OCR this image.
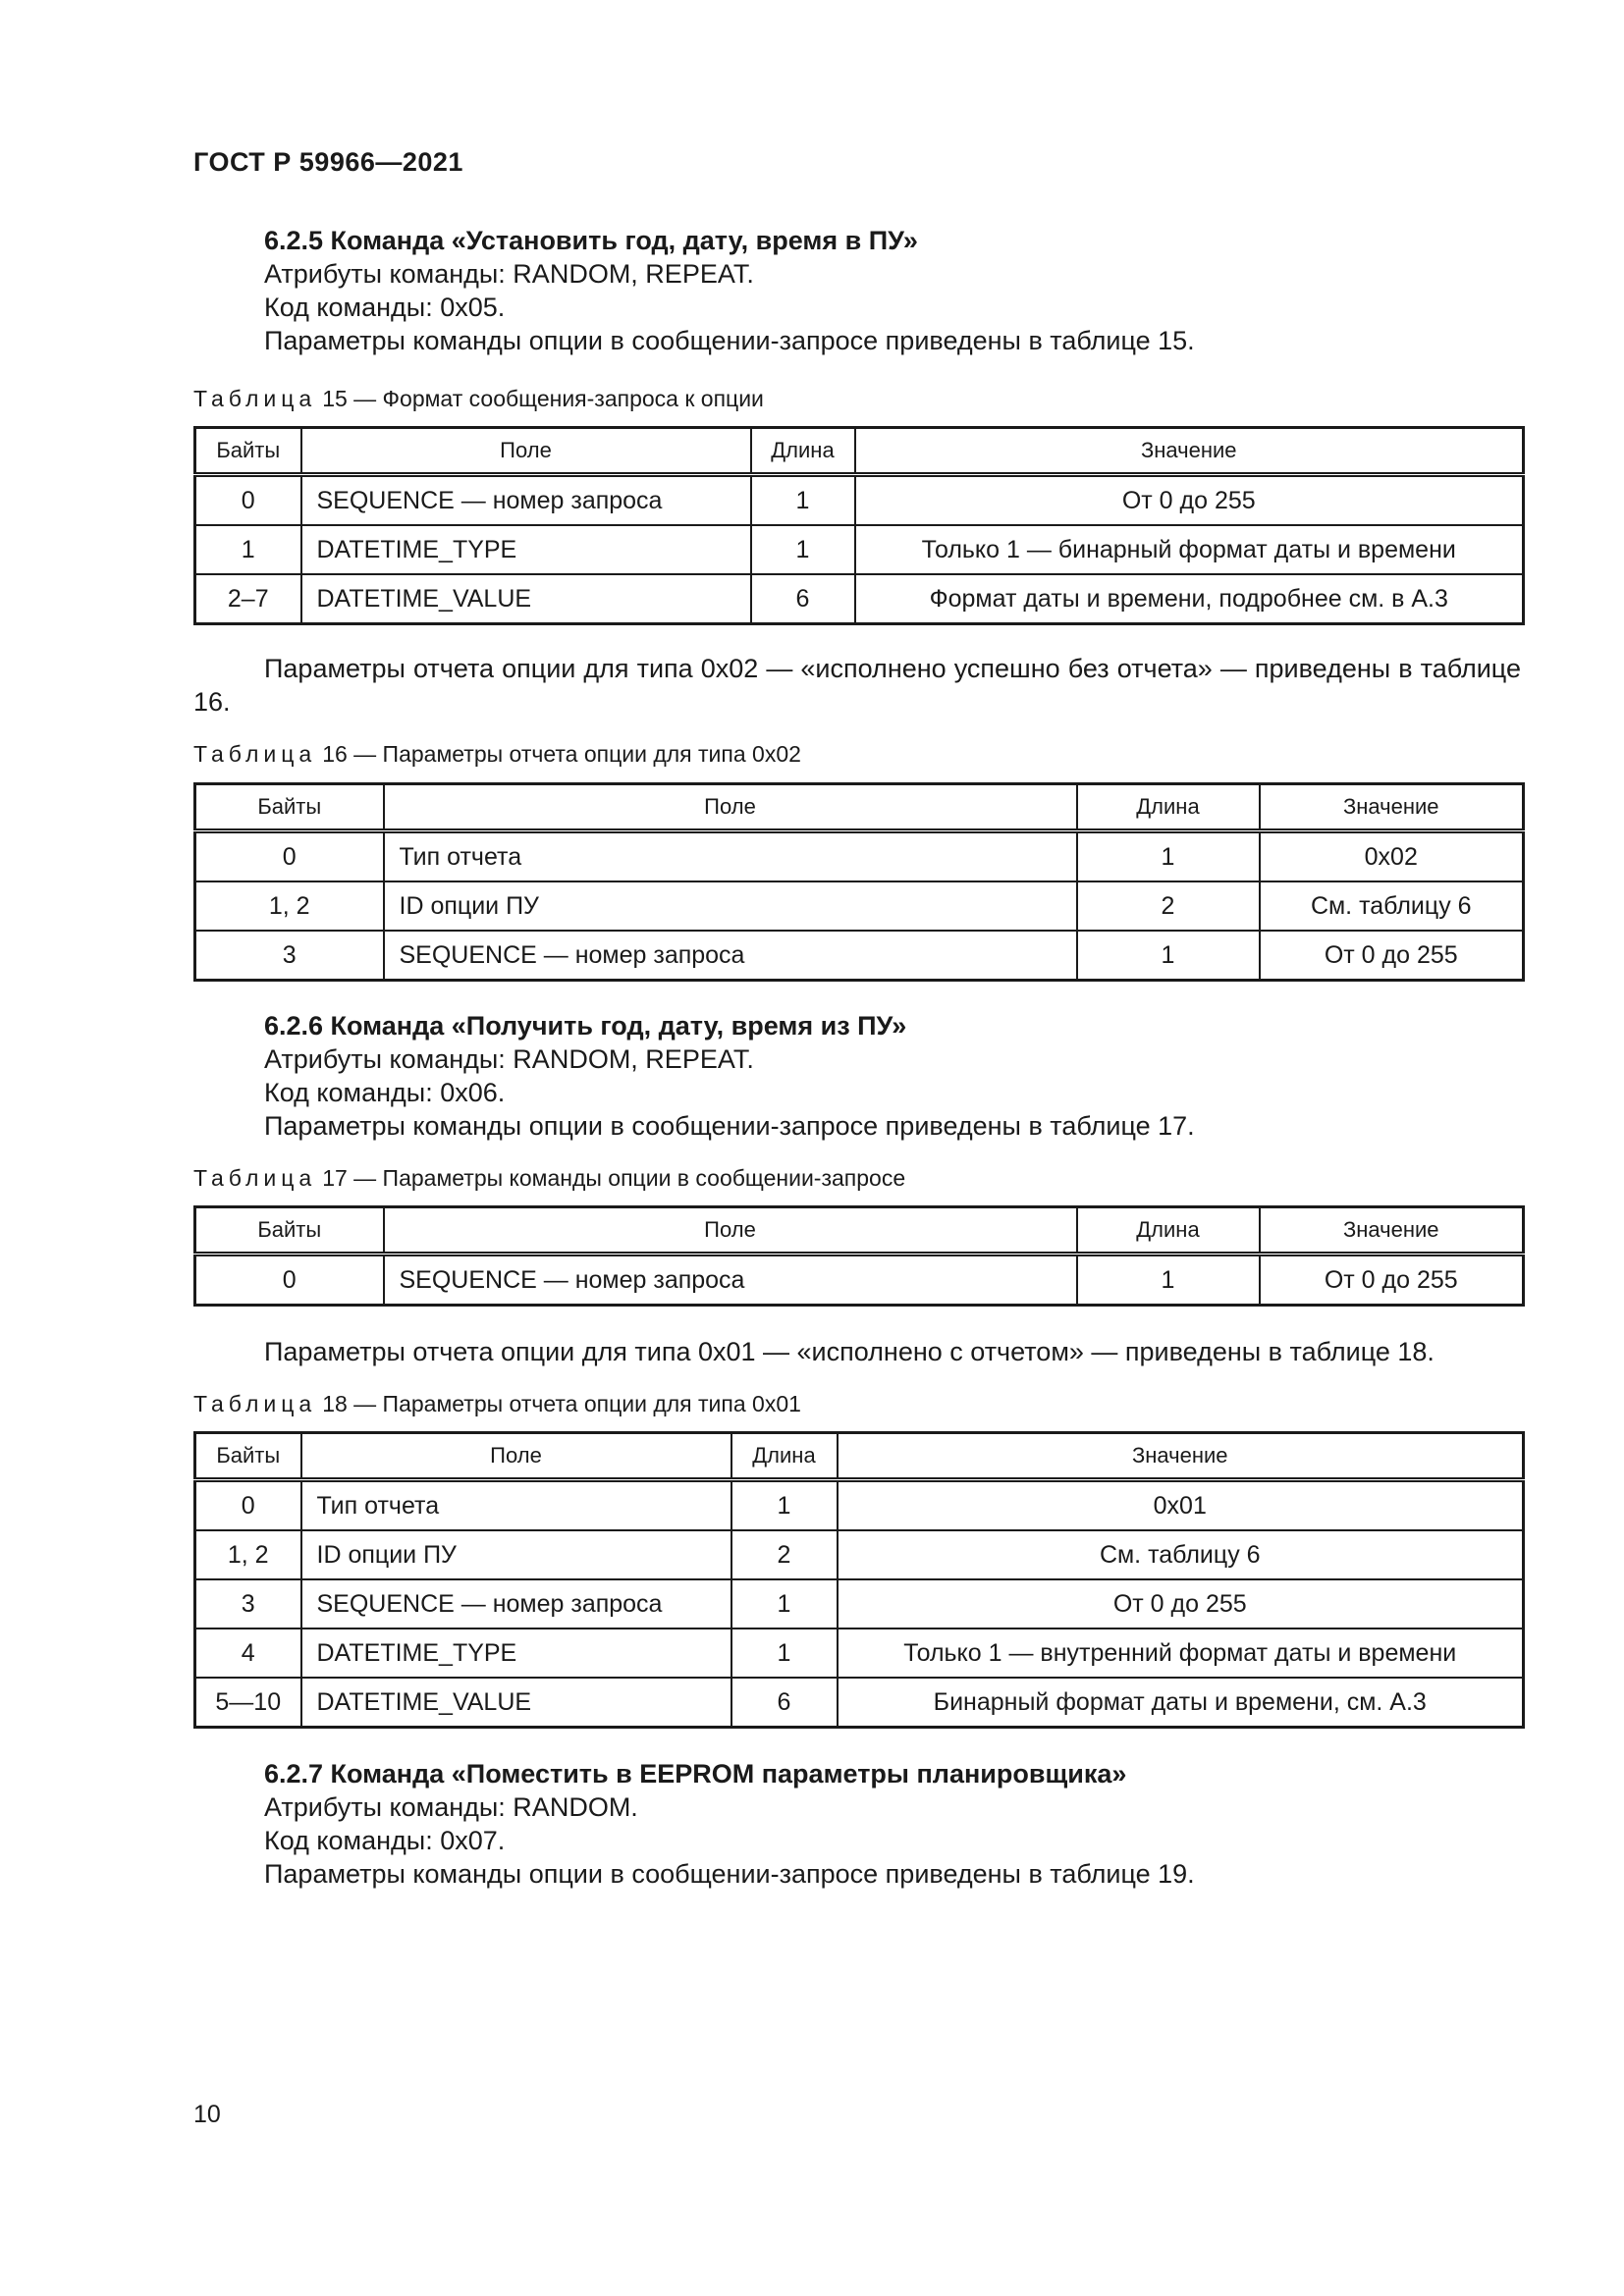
ГОСТ Р 59966—2021

6.2.5 Команда «Установить год, дату, время в ПУ»

Атрибуты команды: RANDOM, REPEAT.

Код команды: 0x05.

Параметры команды опции в сообщении-запросе приведены в таблице 15.

Таблица 15 — Формат сообщения-запроса к опции
Байты	Поле	Длина	Значение
0	SEQUENCE — номер запроса	1	От 0 до 255
1	DATETIME_TYPE	1	Только 1 — бинарный формат даты и времени
2–7	DATETIME_VALUE	6	Формат даты и времени, подробнее см. в А.3

Параметры отчета опции для типа 0x02 — «исполнено успешно без отчета» — приведены в таблице 16.

Таблица 16 — Параметры отчета опции для типа 0x02
Байты	Поле	Длина	Значение
0	Тип отчета	1	0x02
1, 2	ID опции ПУ	2	См. таблицу 6
3	SEQUENCE — номер запроса	1	От 0 до 255

6.2.6 Команда «Получить год, дату, время из ПУ»

Атрибуты команды: RANDOM, REPEAT.

Код команды: 0x06.

Параметры команды опции в сообщении-запросе приведены в таблице 17.

Таблица 17 — Параметры команды опции в сообщении-запросе
Байты	Поле	Длина	Значение
0	SEQUENCE — номер запроса	1	От 0 до 255

Параметры отчета опции для типа 0x01 — «исполнено с отчетом» — приведены в таблице 18.

Таблица 18 — Параметры отчета опции для типа 0x01
Байты	Поле	Длина	Значение
0	Тип отчета	1	0x01
1, 2	ID опции ПУ	2	См. таблицу 6
3	SEQUENCE — номер запроса	1	От 0 до 255
4	DATETIME_TYPE	1	Только 1 — внутренний формат даты и времени
5—10	DATETIME_VALUE	6	Бинарный формат даты и времени, см. А.3

6.2.7 Команда «Поместить в EEPROM параметры планировщика»

Атрибуты команды: RANDOM.

Код команды: 0x07.

Параметры команды опции в сообщении-запросе приведены в таблице 19.

10
